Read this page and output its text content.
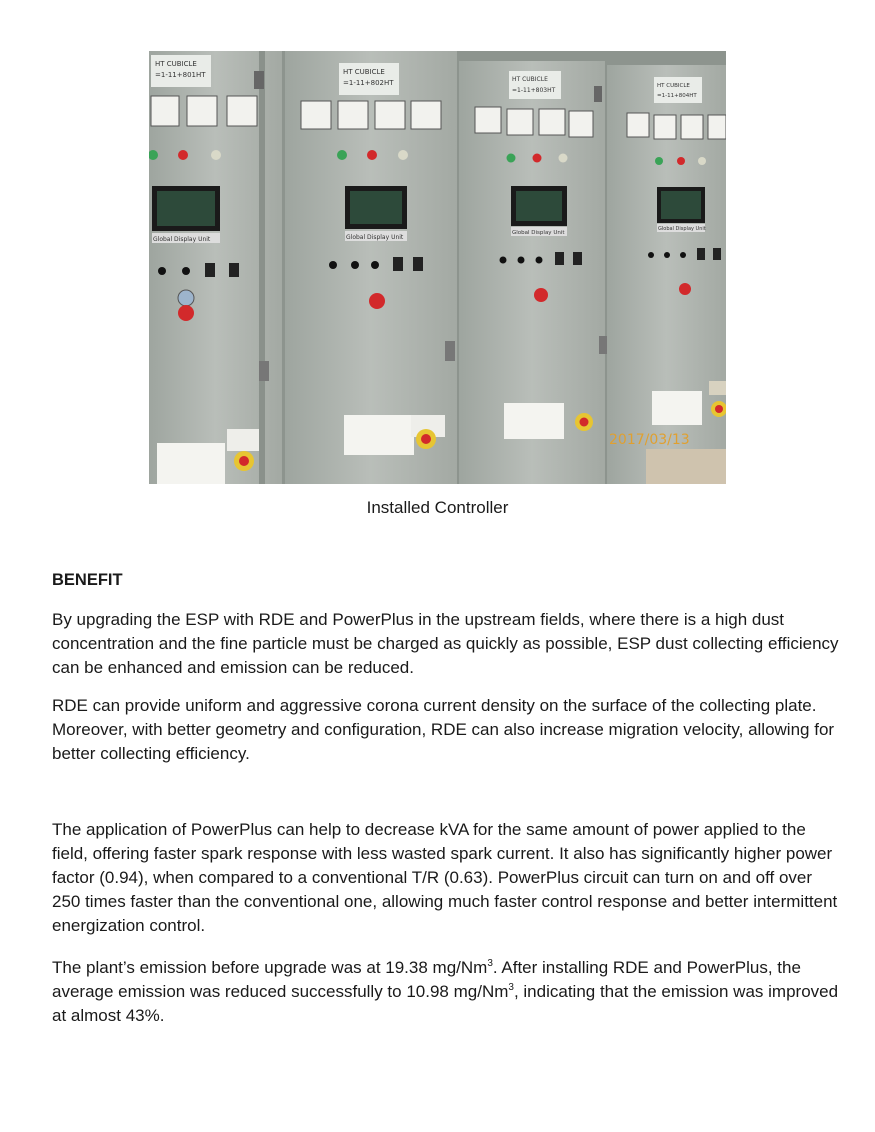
HT CUBICLE
=1-11+801HT
Global Display Unit
HT CUBICLE
=1-11+802HT
Global Display Unit
HT CUBICLE
=1-11+803HT
Global Display Unit
HT CUBICLE
=1-11+804HT
Global Display Unit
2017/03/13
Installed Controller
BENEFIT

By upgrading the ESP with RDE and PowerPlus in the upstream fields, where there is a high dust concentration and the fine particle must be charged as quickly as possible, ESP dust collecting efficiency can be enhanced and emission can be reduced.

RDE can provide uniform and aggressive corona current density on the surface of the collecting plate. Moreover, with better geometry and configuration, RDE can also increase migration velocity, allowing for better collecting efficiency.

The application of PowerPlus can help to decrease kVA for the same amount of power applied to the field, offering faster spark response with less wasted spark current. It also has significantly higher power factor (0.94), when compared to a conventional T/R (0.63). PowerPlus circuit can turn on and off over 250 times faster than the conventional one, allowing much faster control response and better intermittent energization control.

The plant’s emission before upgrade was at 19.38 mg/Nm$^3$. After installing RDE and PowerPlus, the average emission was reduced successfully to 10.98 mg/Nm$^3$, indicating that the emission was improved at almost 43%.
